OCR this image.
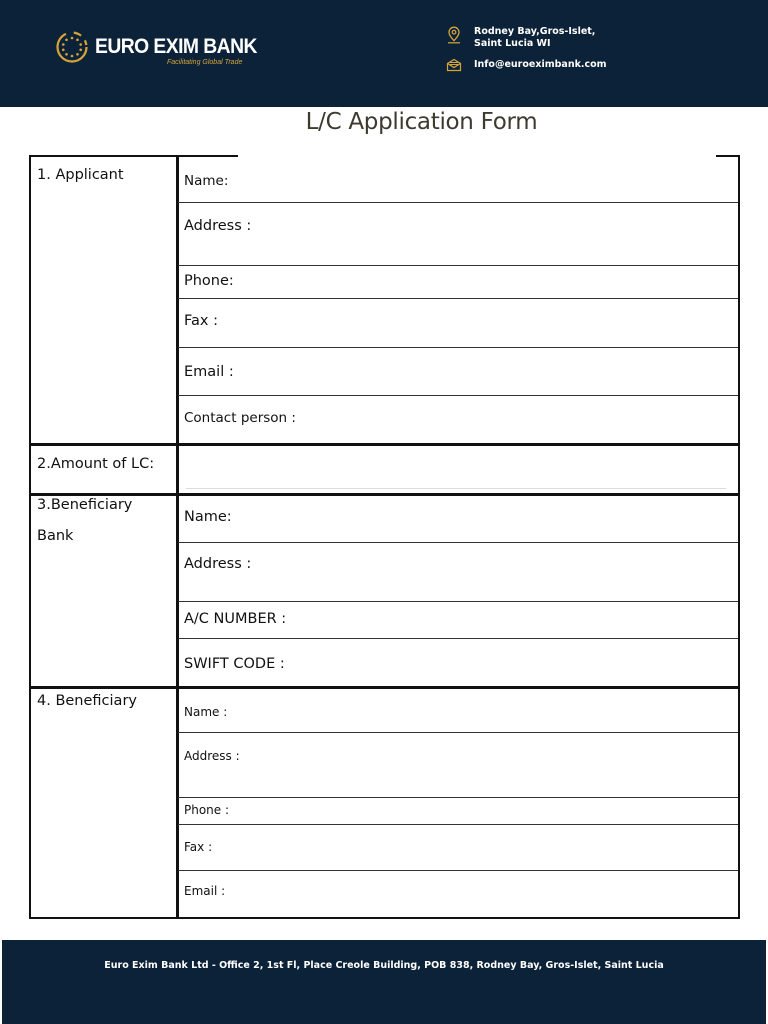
EURO EXIM BANK
Facilitating Global Trade
Rodney Bay,Gros-Islet,
Saint Lucia WI
Info@euroeximbank.com
L/C Application Form
1. Applicant
2.Amount of LC:
3.Beneficiary
Bank
4. Beneficiary
Name:
Address :
Phone:
Fax :
Email :
Contact person :
Name:
Address :
A/C NUMBER :
SWIFT CODE :
Name :
Address :
Phone :
Fax :
Email :
Euro Exim Bank Ltd - Office 2, 1st Fl, Place Creole Building, POB 838, Rodney Bay, Gros-Islet, Saint Lucia
